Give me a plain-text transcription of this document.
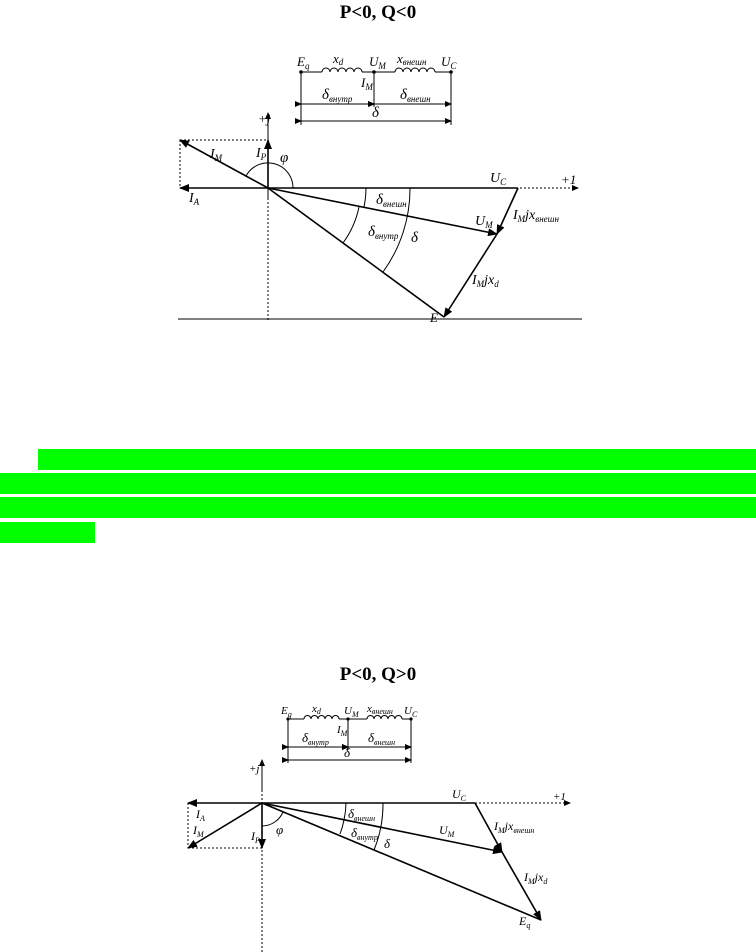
P<0, Q<0
$E_q$ xd $U_M$ xвнешн $U_C$
$I_M$
$\delta_{внутр}$	$\delta_{внешн}$
δ
+j
+1
$I_M$ $I_P$ φ
$I_A$
$U_C$
$U_M$
$I_Mjx_{внешн}$
$I_Mjx_d$
$\delta_{внешн}$
$\delta_{внутр}$ δ
E
P<0, Q>0
$E_q$ xd $U_M$ xвнешн $U_C$
$I_M$
$\delta_{внутр}$	$\delta_{внешн}$
δ
+j
+1
$I_A$
$I_M$	$I_P$
φ
$U_C$
$U_M$
$I_Mjx_{внешн}$
$I_Mjx_d$
$\delta_{внешн}$
$\delta_{внутр}$ δ
$E_q$
